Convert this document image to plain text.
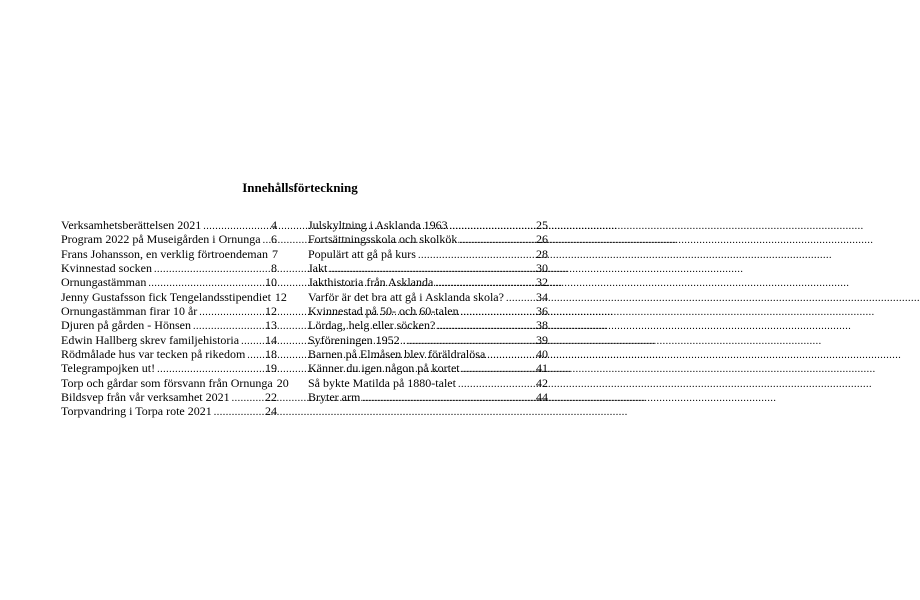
Innehållsförteckning
Verksamhetsberättelsen 2021 .....	4
Program 2022 på Museigården i Ornunga ..... 6
Frans Johansson, en verklig förtroendeman 7
Kvinnestad socken .....	8
Ornungastämman .....	10
Jenny Gustafsson fick Tengelandsstipendiet 12
Ornungastämman firar 10 år .....	12
Djuren på gården - Hönsen .....	13
Edwin Hallberg skrev familjehistoria ..... 14
Rödmålade hus var tecken på rikedom ..... 18
Telegrampojken ut! .....	19
Torp och gårdar som försvann från Ornunga 20
Bildsvep från vår verksamhet 2021 .....	22
Torpvandring i Torpa rote 2021 .....	24
Julskyltning i Asklanda 1963 .....	25
Fortsättningsskola och skolkök .....	26
Populärt att gå på kurs .....	28
Jakt .....	30
Jakthistoria från Asklanda .....	32
Varför är det bra att gå i Asklanda skola? .....	34
Kvinnestad på 50- och 60-talen .....	36
Lördag, helg eller söcken? .....	38
Syföreningen 1952 . .....	39
Barnen på Elmåsen blev föräldralösa .....	40
Känner du igen någon på kortet .....	41
Så bykte Matilda på 1880-talet .....	42
Bryter arm .....	44
